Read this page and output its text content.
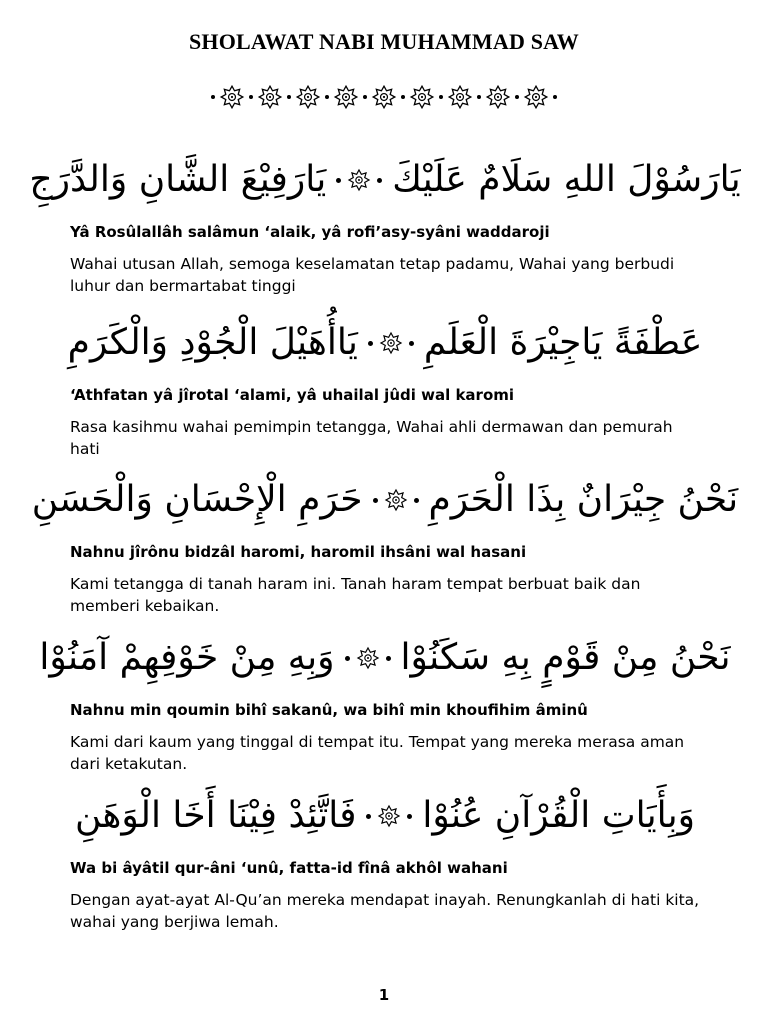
SHOLAWAT NABI MUHAMMAD SAW
يَارَسُوْلَ اللهِ سَلَامٌ عَلَيْكَ
يَارَفِيْعَ الشَّانِ وَالدَّرَجِ
Yâ Rosûlallâh salâmun ‘alaik, yâ rofi’asy-syâni waddaroji
Wahai utusan Allah, semoga keselamatan tetap padamu, Wahai yang berbudi luhur dan bermartabat tinggi
عَطْفَةً يَاجِيْرَةَ الْعَلَمِ
يَاأُهَيْلَ الْجُوْدِ وَالْكَرَمِ
‘Athfatan yâ jîrotal ‘alami, yâ uhailal jûdi wal karomi
Rasa kasihmu wahai pemimpin tetangga, Wahai ahli dermawan dan pemurah hati
نَحْنُ جِيْرَانٌ بِذَا الْحَرَمِ
حَرَمِ الْإِحْسَانِ وَالْحَسَنِ
Nahnu jîrônu bidzâl haromi, haromil ihsâni wal hasani
Kami tetangga di tanah haram ini. Tanah haram tempat berbuat baik dan memberi kebaikan.
نَحْنُ مِنْ قَوْمٍ بِهِ سَكَنُوْا
وَبِهِ مِنْ خَوْفِهِمْ آمَنُوْا
Nahnu min qoumin bihî sakanû, wa bihî min khoufihim âminû
Kami dari kaum yang tinggal di tempat itu. Tempat yang mereka merasa aman dari ketakutan.
وَبِأَيَاتِ الْقُرْآنِ عُنُوْا
فَاتَّئِدْ فِيْنَا أَخَا الْوَهَنِ
Wa bi âyâtil qur-âni ‘unû, fatta-id fînâ akhôl wahani
Dengan ayat-ayat Al-Qu’an mereka mendapat inayah. Renungkanlah di hati kita, wahai yang berjiwa lemah.
1
